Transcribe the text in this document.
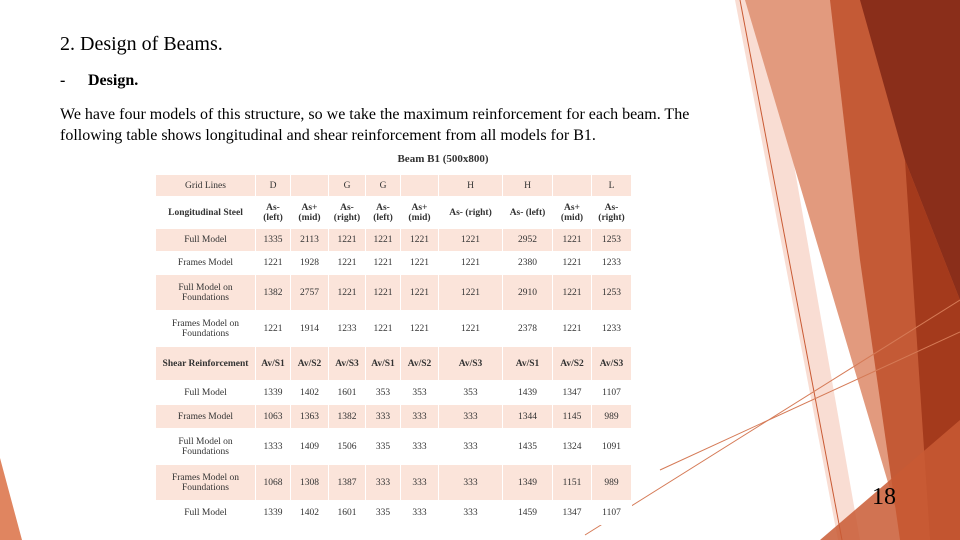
2. Design of Beams.
- Design.

We have four models of this structure, so we take the maximum reinforcement for each beam. The following table shows longitudinal and shear reinforcement from all models for B1.

Beam B1 (500x800)
Grid Lines	D		G	G		H	H		L
Longitudinal Steel	As- (left)	As+ (mid)	As- (right)	As- (left)	As+ (mid)	As- (right)	As- (left)	As+ (mid)	As- (right)
Full Model	1335	2113	1221	1221	1221	1221	2952	1221	1253
Frames Model	1221	1928	1221	1221	1221	1221	2380	1221	1233
Full Model on Foundations	1382	2757	1221	1221	1221	1221	2910	1221	1253
Frames Model on Foundations	1221	1914	1233	1221	1221	1221	2378	1221	1233
Shear Reinforcement	Av/S1	Av/S2	Av/S3	Av/S1	Av/S2	Av/S3	Av/S1	Av/S2	Av/S3
Full Model	1339	1402	1601	353	353	353	1439	1347	1107
Frames Model	1063	1363	1382	333	333	333	1344	1145	989
Full Model on Foundations	1333	1409	1506	335	333	333	1435	1324	1091
Frames Model on Foundations	1068	1308	1387	333	333	333	1349	1151	989
Full Model	1339	1402	1601	335	333	333	1459	1347	1107
18
